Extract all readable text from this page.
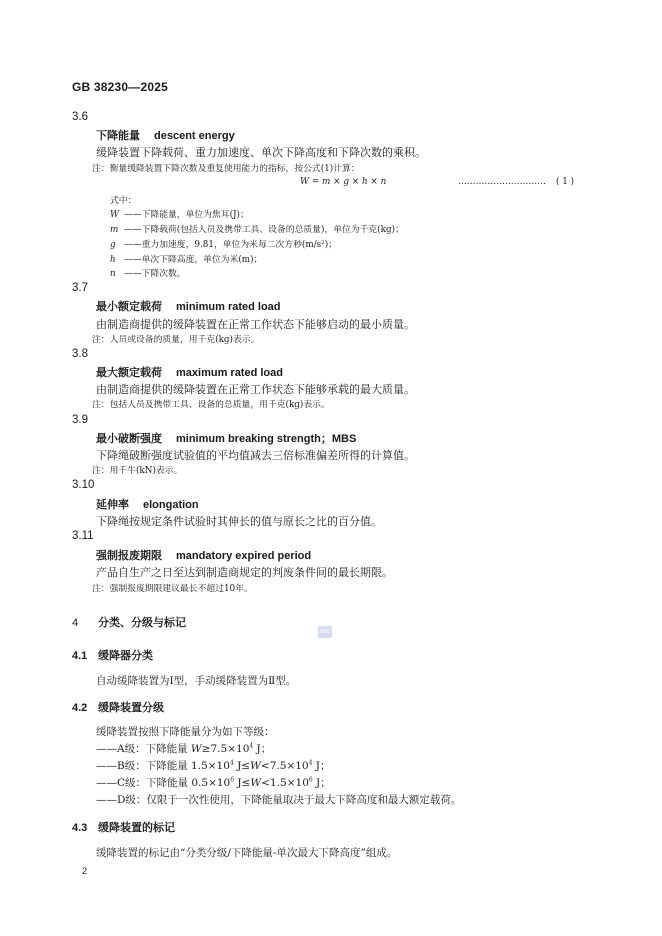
GB 38230—2025
3.6
下降能量 descent energy
缓降装置下降载荷、重力加速度、单次下降高度和下降次数的乘积。
注：衡量缓降装置下降次数及重复使用能力的指标，按公式(1)计算：
W = m × g × h × n	………………………… ( 1 )
式中：
W ——下降能量，单位为焦耳(J)；
m ——下降载荷(包括人员及携带工具、设备的总质量)，单位为千克(kg)；
g ——重力加速度，9.81，单位为米每二次方秒(m/s²)；
h ——单次下降高度，单位为米(m)；
n ——下降次数。
3.7
最小额定载荷 minimum rated load
由制造商提供的缓降装置在正常工作状态下能够启动的最小质量。
注：人员或设备的质量，用千克(kg)表示。
3.8
最大额定载荷 maximum rated load
由制造商提供的缓降装置在正常工作状态下能够承载的最大质量。
注：包括人员及携带工具、设备的总质量，用千克(kg)表示。
3.9
最小破断强度 minimum breaking strength；MBS
下降绳破断强度试验值的平均值减去三倍标准偏差所得的计算值。
注：用千牛(kN)表示。
3.10
延伸率 elongation
下降绳按规定条件试验时其伸长的值与原长之比的百分值。
3.11
强制报废期限 mandatory expired period
产品自生产之日至达到制造商规定的判废条件间的最长期限。
注：强制报废期限建议最长不超过10年。
4 分类、分级与标记
ZHIC
4.1 缓降器分类
自动缓降装置为Ⅰ型，手动缓降装置为Ⅱ型。
4.2 缓降装置分级
缓降装置按照下降能量分为如下等级：
——A级：下降能量 $W\ge 7.5\times 10^4$ J；
——B级：下降能量 $1.5\times 10^4$ $J\le W<7.5\times 10^4$ J；
——C级：下降能量 $0.5\times 10^6$ $J\le W<1.5\times 10^6$ J；
——D级：仅限于一次性使用，下降能量取决于最大下降高度和最大额定载荷。
4.3 缓降装置的标记
缓降装置的标记由“分类分级/下降能量-单次最大下降高度”组成。
2
